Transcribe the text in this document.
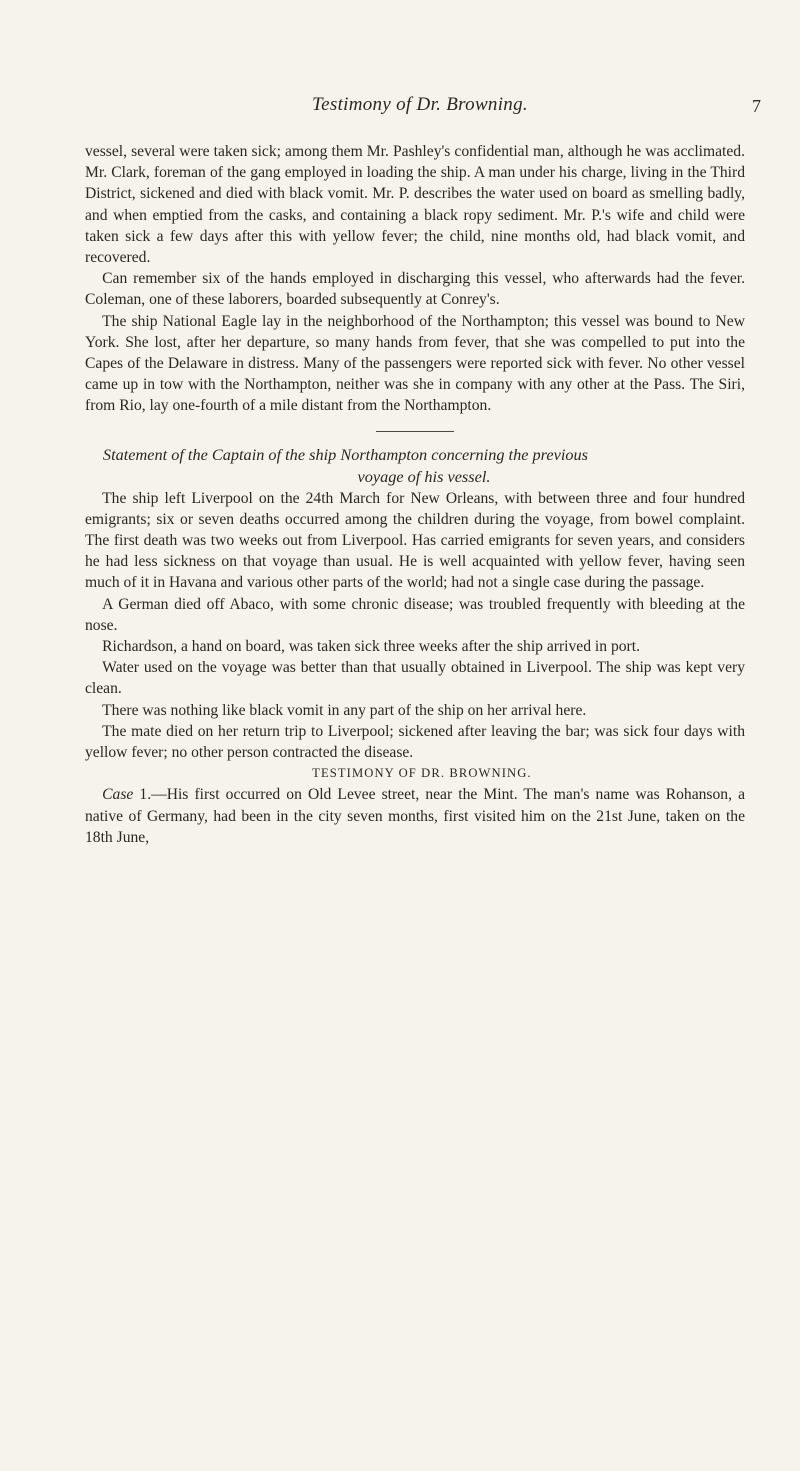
Testimony of Dr. Browning.	7

vessel, several were taken sick; among them Mr. Pashley's confidential man, although he was acclimated. Mr. Clark, foreman of the gang employed in loading the ship. A man under his charge, living in the Third District, sickened and died with black vomit. Mr. P. describes the water used on board as smelling badly, and when emptied from the casks, and containing a black ropy sediment. Mr. P.'s wife and child were taken sick a few days after this with yellow fever; the child, nine months old, had black vomit, and recovered.

Can remember six of the hands employed in discharging this vessel, who afterwards had the fever. Coleman, one of these laborers, boarded subsequently at Conrey's.

The ship National Eagle lay in the neighborhood of the Northampton; this vessel was bound to New York. She lost, after her departure, so many hands from fever, that she was compelled to put into the Capes of the Delaware in distress. Many of the passengers were reported sick with fever. No other vessel came up in tow with the Northampton, neither was she in company with any other at the Pass. The Siri, from Rio, lay one-fourth of a mile distant from the Northampton.

Statement of the Captain of the ship Northampton concerning the previous
voyage of his vessel.

The ship left Liverpool on the 24th March for New Orleans, with between three and four hundred emigrants; six or seven deaths occurred among the children during the voyage, from bowel complaint. The first death was two weeks out from Liverpool. Has carried emigrants for seven years, and considers he had less sickness on that voyage than usual. He is well acquainted with yellow fever, having seen much of it in Havana and various other parts of the world; had not a single case during the passage.

A German died off Abaco, with some chronic disease; was troubled frequently with bleeding at the nose.

Richardson, a hand on board, was taken sick three weeks after the ship arrived in port.

Water used on the voyage was better than that usually obtained in Liverpool. The ship was kept very clean.

There was nothing like black vomit in any part of the ship on her arrival here.

The mate died on her return trip to Liverpool; sickened after leaving the bar; was sick four days with yellow fever; no other person contracted the disease.

TESTIMONY OF DR. BROWNING.

Case 1.—His first occurred on Old Levee street, near the Mint. The man's name was Rohanson, a native of Germany, had been in the city seven months, first visited him on the 21st June, taken on the 18th June,
